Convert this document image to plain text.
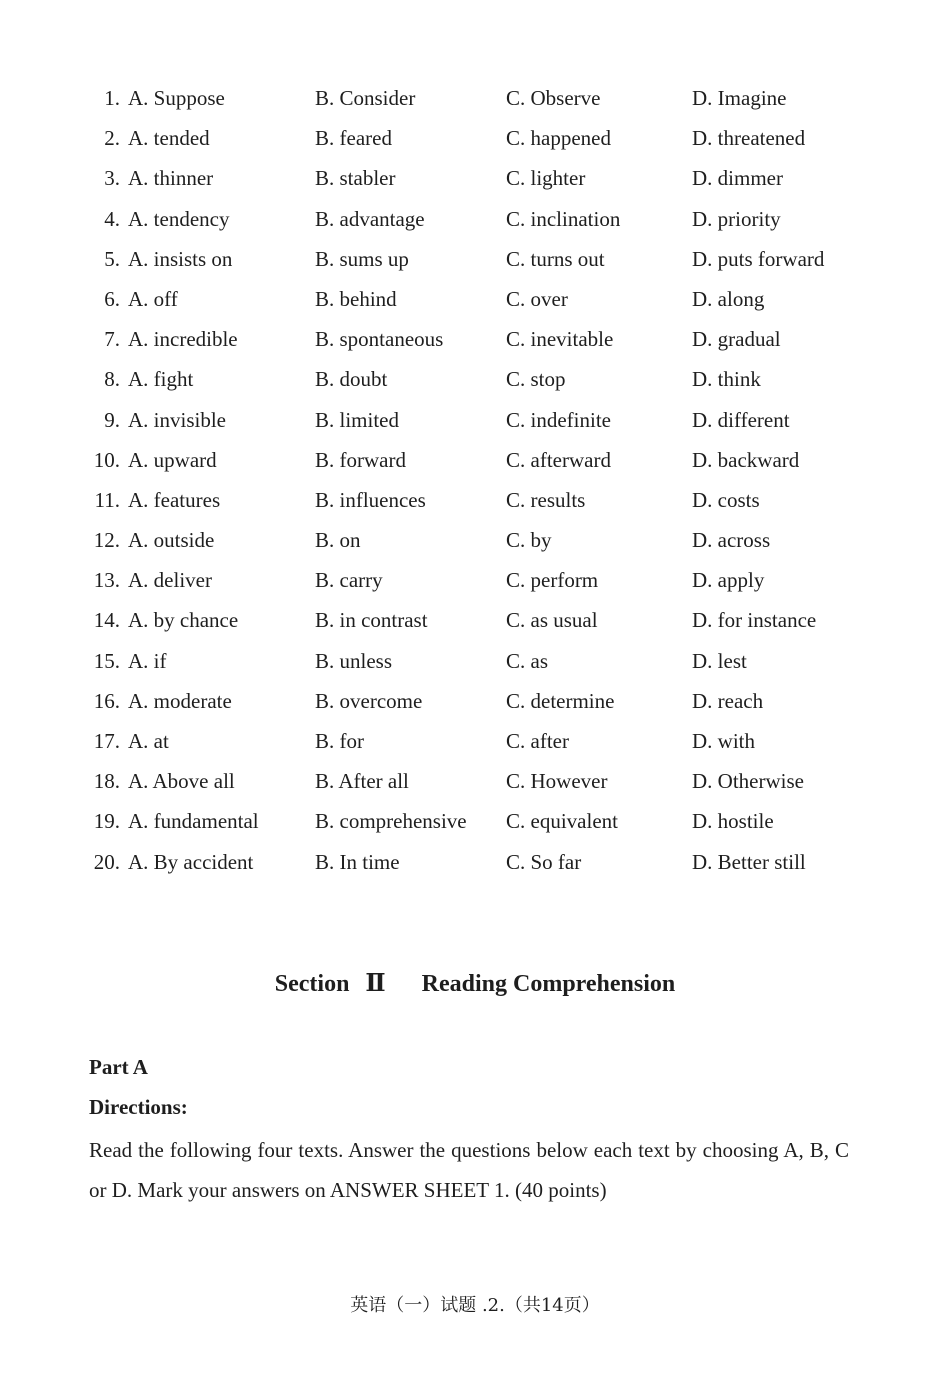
1. A. Suppose	B. Consider	C. Observe	D. Imagine
2. A. tended	B. feared	C. happened	D. threatened
3. A. thinner	B. stabler	C. lighter	D. dimmer
4. A. tendency	B. advantage	C. inclination	D. priority
5. A. insists on	B. sums up	C. turns out	D. puts forward
6. A. off	B. behind	C. over	D. along
7. A. incredible	B. spontaneous	C. inevitable	D. gradual
8. A. fight	B. doubt	C. stop	D. think
9. A. invisible	B. limited	C. indefinite	D. different
10. A. upward	B. forward	C. afterward	D. backward
11. A. features	B. influences	C. results	D. costs
12. A. outside	B. on	C. by	D. across
13. A. deliver	B. carry	C. perform	D. apply
14. A. by chance	B. in contrast	C. as usual	D. for instance
15. A. if	B. unless	C. as	D. lest
16. A. moderate	B. overcome	C. determine	D. reach
17. A. at	B. for	C. after	D. with
18. A. Above all	B. After all	C. However	D. Otherwise
19. A. fundamental	B. comprehensive C. equivalent	D. hostile
20. A. By accident	B. In time	C. So far	D. Better still
Section Ⅱ Reading Comprehension
Part A
Directions:
Read the following four texts. Answer the questions below each text by choosing A, B, C or D. Mark your answers on ANSWER SHEET 1. (40 points)
英语（一）试题 .2.（共14页）
